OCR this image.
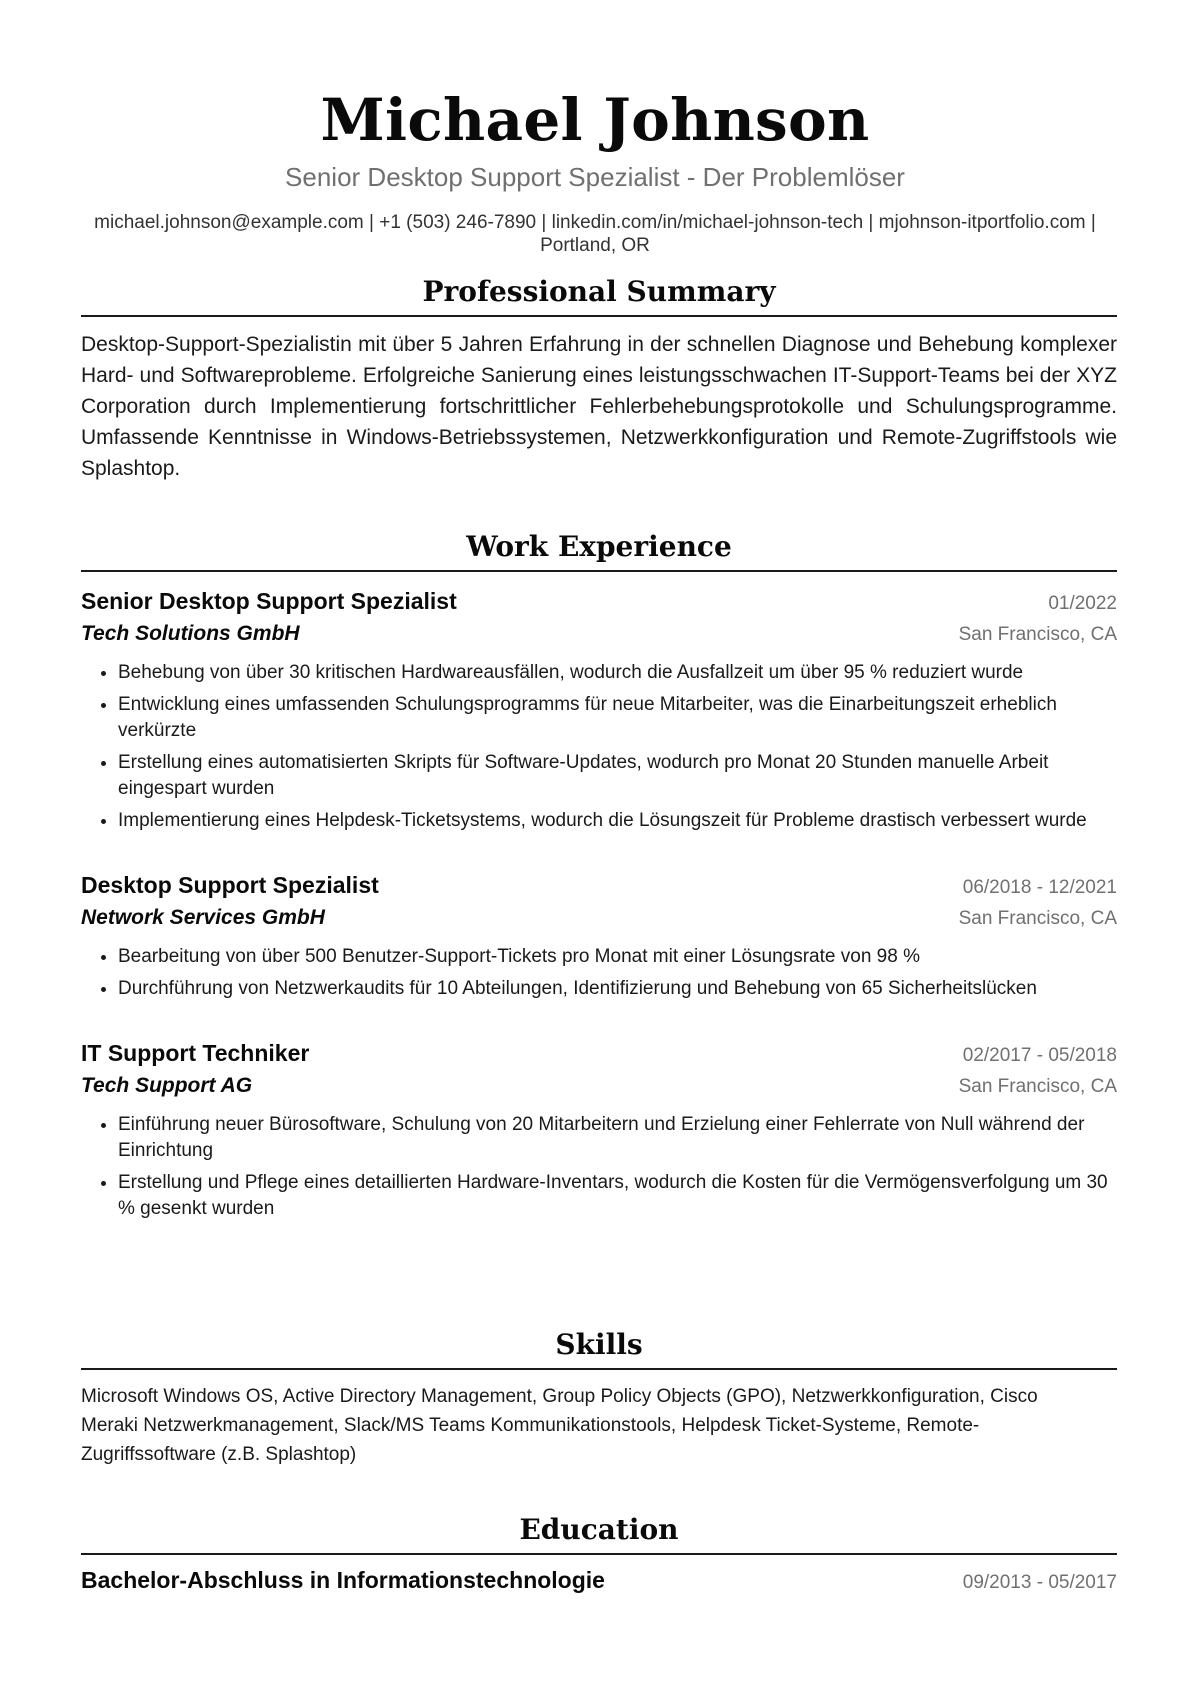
Michael Johnson
Senior Desktop Support Spezialist - Der Problemlöser
michael.johnson@example.com | +1 (503) 246-7890 | linkedin.com/in/michael-johnson-tech | mjohnson-itportfolio.com | Portland, OR
Professional Summary
Desktop-Support-Spezialistin mit über 5 Jahren Erfahrung in der schnellen Diagnose und Behebung komplexer Hard- und Softwareprobleme. Erfolgreiche Sanierung eines leistungsschwachen IT-Support-Teams bei der XYZ Corporation durch Implementierung fortschrittlicher Fehlerbehebungsprotokolle und Schulungsprogramme. Umfassende Kenntnisse in Windows-Betriebssystemen, Netzwerkkonfiguration und Remote-Zugriffstools wie Splashtop.
Work Experience
Senior Desktop Support Spezialist	01/2022
Tech Solutions GmbH	San Francisco, CA
• Behebung von über 30 kritischen Hardwareausfällen, wodurch die Ausfallzeit um über 95 % reduziert wurde
• Entwicklung eines umfassenden Schulungsprogramms für neue Mitarbeiter, was die Einarbeitungszeit erheblich verkürzte
• Erstellung eines automatisierten Skripts für Software-Updates, wodurch pro Monat 20 Stunden manuelle Arbeit eingespart wurden
• Implementierung eines Helpdesk-Ticketsystems, wodurch die Lösungszeit für Probleme drastisch verbessert wurde
Desktop Support Spezialist	06/2018 - 12/2021
Network Services GmbH	San Francisco, CA
• Bearbeitung von über 500 Benutzer-Support-Tickets pro Monat mit einer Lösungsrate von 98 %
• Durchführung von Netzwerkaudits für 10 Abteilungen, Identifizierung und Behebung von 65 Sicherheitslücken
IT Support Techniker	02/2017 - 05/2018
Tech Support AG	San Francisco, CA
• Einführung neuer Bürosoftware, Schulung von 20 Mitarbeitern und Erzielung einer Fehlerrate von Null während der Einrichtung
• Erstellung und Pflege eines detaillierten Hardware-Inventars, wodurch die Kosten für die Vermögensverfolgung um 30 % gesenkt wurden
Skills
Microsoft Windows OS, Active Directory Management, Group Policy Objects (GPO), Netzwerkkonfiguration, Cisco Meraki Netzwerkmanagement, Slack/MS Teams Kommunikationstools, Helpdesk Ticket-Systeme, Remote-Zugriffssoftware (z.B. Splashtop)
Education
Bachelor-Abschluss in Informationstechnologie	09/2013 - 05/2017
